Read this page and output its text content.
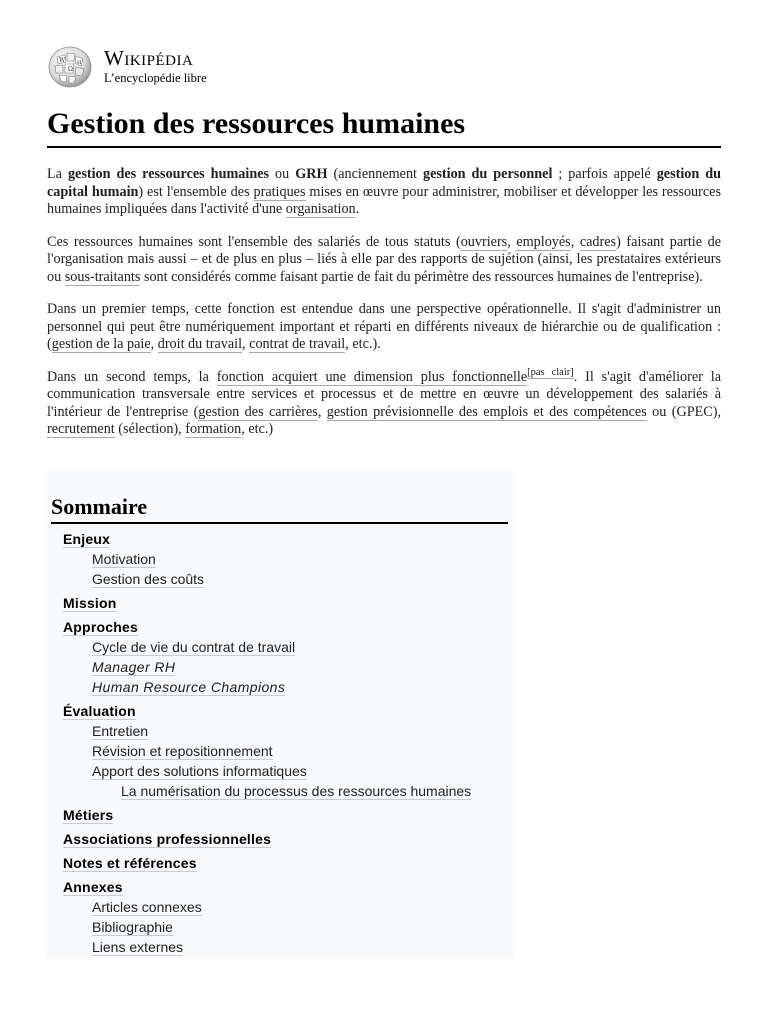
W
Ω
И Wikipédia
L’encyclopédie libre
Gestion des ressources humaines

La gestion des ressources humaines ou GRH (anciennement gestion du personnel ; parfois appelé gestion du capital humain) est l'ensemble des pratiques mises en œuvre pour administrer, mobiliser et développer les ressources humaines impliquées dans l'activité d'une organisation.

Ces ressources humaines sont l'ensemble des salariés de tous statuts (ouvriers, employés, cadres) faisant partie de l'organisation mais aussi – et de plus en plus – liés à elle par des rapports de sujétion (ainsi, les prestataires extérieurs ou sous-traitants sont considérés comme faisant partie de fait du périmètre des ressources humaines de l'entreprise).

Dans un premier temps, cette fonction est entendue dans une perspective opérationnelle. Il s'agit d'administrer un personnel qui peut être numériquement important et réparti en différents niveaux de hiérarchie ou de qualification : (gestion de la paie, droit du travail, contrat de travail, etc.).

Dans un second temps, la fonction acquiert une dimension plus fonctionnelle[pas clair]. Il s'agit d'améliorer la communication transversale entre services et processus et de mettre en œuvre un développement des salariés à l'intérieur de l'entreprise (gestion des carrières, gestion prévisionnelle des emplois et des compétences ou (GPEC), recrutement (sélection), formation, etc.)

Sommaire
Enjeux
Motivation
Gestion des coûts
Mission
Approches
Cycle de vie du contrat de travail
Manager RH
Human Resource Champions
Évaluation
Entretien
Révision et repositionnement
Apport des solutions informatiques
La numérisation du processus des ressources humaines
Métiers
Associations professionnelles
Notes et références
Annexes
Articles connexes
Bibliographie
Liens externes
